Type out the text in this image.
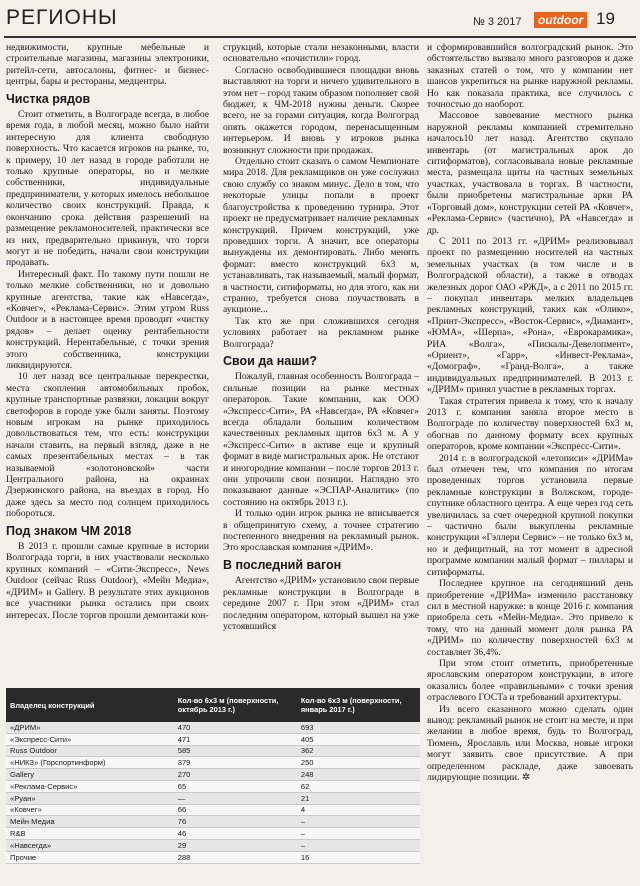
РЕГИОНЫ	№ 3 2017	outdoor 19

недвижимости, крупные мебельные и строительные магазины, магазины электроники, ритейл-сети, автосалоны, фитнес- и бизнес-центры, бары и рестораны, медцентры.

Чистка рядов

Стоит отметить, в Волгограде всегда, в любое время года, в любой месяц, можно было найти интересную для клиента свободную поверхность. Что касается игроков на рынке, то, к примеру, 10 лет назад в городе работали не только крупные операторы, но и мелкие собственники, индивидуальные предприниматели, у которых имелось небольшое количество своих конструкций. Правда, к окончанию срока действия разрешений на размещение рекламоносителей, практически все из них, предварительно прикинув, что торги могут и не победить, начали свои конструкции продавать.

Интересный факт. По такому пути пошли не только мелкие собственники, но и довольно крупные агентства, такие как «Навсегда», «Ковчег», «Реклама-Сервис». Этим утром Russ Outdoor и в настоящее время проводит «чистку рядов» – делает оценку рентабельности конструкций. Нерентабельные, с точки зрения этого собственника, конструкции ликвидируются.

10 лет назад все центральные перекрестки, места скопления автомобильных пробок, крупные транспортные развязки, локации вокруг светофоров в городе уже были заняты. Поэтому новым игрокам на рынке приходилось довольствоваться тем, что есть: конструкции начали ставить, на первый взгляд, даже в не самых презентабельных местах – в так называемой «золотоновской» части Центрального района, на окраинах Дзержинского района, на въездах в город. Но даже здесь за место под солнцем приходилось побороться.

Под знаком ЧМ 2018

В 2013 г. прошли самые крупные в истории Волгограда торги, в них участвовали несколько крупных компаний – «Сити-Экспресс», News Outdoor (сейчас Russ Outdoor), «Мейн Медиа», «ДРИМ» и Gallery. В результате этих аукционов все участники рынка остались при своих интересах. После торгов прошли демонтажи кон-

струкций, которые стали незаконными, власти основательно «почистили» город.

Согласно освободившиеся площадки вновь выставляют на торги и ничего удивительного в этом нет – город таким образом пополняет свой бюджет, к ЧМ-2018 нужны деньги. Скорее всего, не за горами ситуация, когда Волгоград опять окажется городом, перенасыщенным интерьером. И вновь у игроков рынка возникнут сложности при продажах.

Отдельно стоит сказать о самом Чемпионате мира 2018. Для рекламщиков он уже сослужил свою службу со знаком минус. Дело в том, что некоторые улицы попали в проект благоустройства к проведению турнира. Этот проект не предусматривает наличие рекламных конструкций. Причем конструкций, уже проведших торги. А значит, все операторы вынуждены их демонтировать. Либо менять формат: вместо конструкций 6х3 м, устанавливать, так называемый, малый формат, в частности, ситиформаты, но для этого, как ни странно, требуется снова поучаствовать в аукционе...

Так кто же при сложившихся сегодня условиях работает на рекламном рынке Волгограда?

Свои да наши?

Пожалуй, главная особенность Волгограда – сильные позиции на рынке местных операторов. Такие компании, как ООО «Экспресс-Сити», РА «Навсегда», РА «Ковчег» всегда обладали большим количеством качественных рекламных щитов 6х3 м. А у «Экспресс-Сити» в активе еще и крупный формат в виде магистральных арок. Не отстают и иногородние компании – после торгов 2013 г. они упрочили свои позиции. Наглядно это показывают данные «ЭСПАР-Аналитик» (по состоянию на октябрь 2013 г.).

И только один игрок рынка не вписывается в общепринятую схему, а точнее стратегию постепенного внедрения на рекламный рынок. Это ярославская компания «ДРИМ».

В последний вагон

Агентство «ДРИМ» установило свои первые рекламные конструкции в Волгограде в середине 2007 г. При этом «ДРИМ» стал последним оператором, который вышел на уже устоявшийся

и сформировавшийся волгоградский рынок. Это обстоятельство вызвало много разговоров и даже заказных статей о том, что у компании нет шансов укрепиться на рынке наружной рекламы. Но как показала практика, все случилось с точностью до наоборот.

Массовое завоевание местного рынка наружной рекламы компанией стремительно началось10 лет назад. Агентство скупало инвентарь (от магистральных арок до ситиформатов), согласовывала новые рекламные места, размещала щиты на частных земельных участках, участвовала в торгах. В частности, были приобретены магистральные арки РА «Торговый дом», конструкции сетей РА «Ковчег», «Реклама-Сервис» (частично), РА «Навсегда» и др.

С 2011 по 2013 гг. «ДРИМ» реализовывал проект по размещению носителей на частных земельных участках (в том числе и в Волгоградской области), а также в отводах железных дорог ОАО «РЖД», а с 2011 по 2015 гг. – покупал инвентарь мелких владельцев рекламных конструкций, таких как «Олико», «Принт-Экспресс», «Восток-Сервис», «Диамант», «ЮМА», «Шерпа», «Рона», «Еврокарамика», РИА «Волга», «Пискалы-Девелопмент», «Ориент», «Гарр», «Инвест-Реклама», «Домограф», «Гранд-Волга», а также индивидуальных предпринимателей. В 2013 г. «ДРИМ» принял участие в рекламных торгах.

Такая стратегия привела к тому, что к началу 2013 г. компания заняла второе место в Волгограде по количеству поверхностей 6х3 м, обогнав по данному формату всех крупных операторов, кроме компании «Экспресс-Сити».

2014 г. в волгоградской «летописи» «ДРИМа» был отмечен тем, что компания по итогам проведенных торгов установила первые рекламные конструкции в Волжском, городе-спутнике областного центра. А еще через год сеть увеличилась за счет очередной крупной покупки – частично были выкуплены рекламные конструкции «Гэллери Сервис» – не только 6х3 м, но и дефицитный, на тот момент в адресной программе компании малый формат – пиллары и ситиформаты.

Последнее крупное на сегодняшний день приобретение «ДРИМа» изменило расстановку сил в местной наружке: в конце 2016 г. компания приобрела сеть «Мейн-Медиа». Это привело к тому, что на данный момент доля рынка РА «ДРИМ» по количеству поверхностей 6х3 м составляет 36,4%.

При этом стоит отметить, приобретенные ярославским оператором конструкции, в итоге оказались более «правильными» с точки зрения отраслевого ГОСТа и требований архитектуры.

Из всего сказанного можно сделать один вывод: рекламный рынок не стоит на месте, и при желании в любое время, будь то Волгоград, Тюмень, Ярославль или Москва, новые игроки могут заявить свое присутствие. А при определенном раскладе, даже завоевать лидирующие позиции. ✲

Владелец конструкций	Кол-во 6х3 м (поверхности, октябрь 2013 г.)	Кол-во 6х3 м (поверхности, январь 2017 г.)
«ДРИМ»	470	693
«Экспресс-Сити»	471	405
Russ Outdoor	585	362
«НИКЗ» (Горспортинформ)	379	250
Gallery	270	248
«Реклама-Сервис»	65	62
«Руан»	—	21
«Ковчег»	66	4
Мейн Медиа	76	–
R&B	46	–
«Навсегда»	29	–
Прочие	288	16
